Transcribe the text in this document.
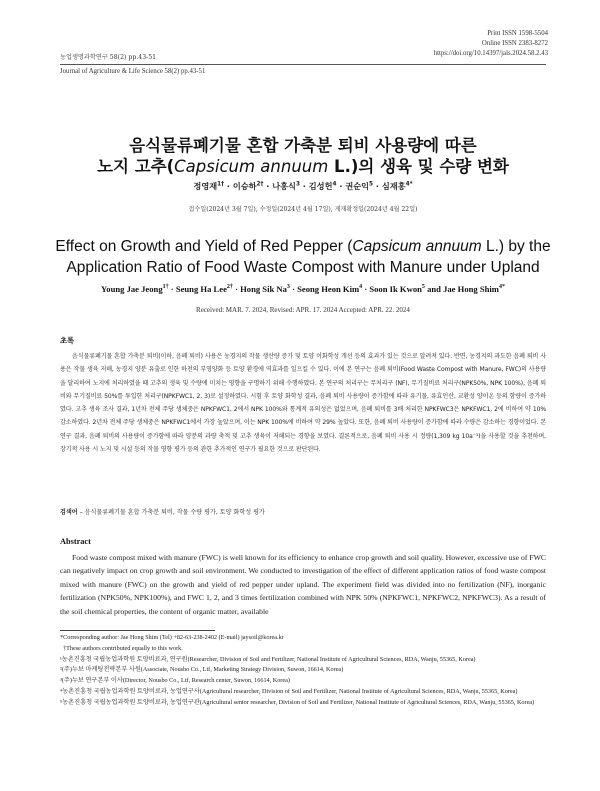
Print ISSN 1598-5504
Online ISSN 2383-8272
https://doi.org/10.14397/jals.2024.58.2.43
농업생명과학연구 58(2) pp.43-51
Journal of Agriculture & Life Science 58(2) pp.43-51
음식물류폐기물 혼합 가축분 퇴비 사용량에 따른
노지 고추(Capsicum annuum L.)의 생육 및 수량 변화
정영재$^{1\dagger}$ · 이승하$^{2\dagger}$ · 나홍식$^3$ · 김성헌$^4$ · 권순익$^5$ · 심재홍$^{4*}$
접수일(2024년 3월 7일), 수정일(2024년 4월 17일), 게재확정일(2024년 4월 22일)
Effect on Growth and Yield of Red Pepper (Capsicum annuum L.) by the
Application Ratio of Food Waste Compost with Manure under Upland
Young Jae Jeong$^{1\dagger}$ · Seung Ha Lee$^{2\dagger}$ · Hong Sik $Na^3$ · Seong Heon Kim$^4$ · Soon Ik Kwon$^5$ and Jae Hong Shim$^{4*}$
Received: MAR. 7. 2024, Revised: APR. 17. 2024 Accepted: APR. 22. 2024
초록
음식물류폐기물 혼합 가축분 퇴비(이하, 음폐 퇴비) 사용은 농경지의 작물 생산량 증가 및 토양 이화학성 개선 등의 효과가 있는 것으로 알려져 있다. 반면, 농경지의 과도한 음폐 퇴비 사용은 작물 생육 저해, 농경지 양분 유출로 인한 하천의 부영양화 등 토양 환경에 역효과를 일으킬 수 있다. 이에 본 연구는 음폐 퇴비(Food Waste Compost with Manure, FWC)의 사용량을 달리하여 노지에 처리하였을 때 고추의 생육 및 수량에 미치는 영향을 구명하기 위해 수행하였다. 본 연구의 처리구는 무처리구 (NF), 무기질비료 처리구(NPK50%, NPK 100%), 음폐 퇴비와 무기질비료 50%를 투입한 처리구(NPKFWC1, 2, 3)로 설정하였다. 시험 후 토양 화학성 결과, 음폐 퇴비 사용량이 증가함에 따라 유기물, 유효인산, 교환성 양이온 등의 함량이 증가하였다. 고추 생육 조사 결과, 1년차 전체 주당 생체중은 NPKFWC1, 2에서 NPK 100%와 통계적 유의성은 없었으며, 음폐 퇴비를 3배 처리한 NPKFWC3은 NPKFWC1, 2에 비하여 약 10% 감소하였다. 2년차 전체 주당 생체중은 NPKFWC1에서 가장 높았으며, 이는 NPK 100%에 비하여 약 29% 높았다. 또한, 음폐 퇴비 사용량이 증가함에 따라 수량은 감소하는 경향이었다. 본 연구 결과, 음폐 퇴비의 사용량이 증가함에 따라 양분의 과량 축적 및 고추 생육이 저해되는 경향을 보였다. 결론적으로, 음폐 퇴비 사용 시 정량(1,309 kg 10a⁻¹)을 사용할 것을 추천하며, 장기적 사용 시 노지 및 시설 등의 작물 영향 평가 등의 관한 추가적인 연구가 필요한 것으로 판단된다.
검색어 – 음식물류폐기물 혼합 가축분 퇴비, 작물 수량 평가, 토양 화학성 평가
Abstract
Food waste compost mixed with manure (FWC) is well known for its efficiency to enhance crop growth and soil quality. However, excessive use of FWC can negatively impact on crop growth and soil environment. We conducted to investigation of the effect of different application ratios of food waste compost mixed with manure (FWC) on the growth and yield of red pepper under upland. The experiment field was divided into no fertilization (NF), inorganic fertilization (NPK50%, NPK100%), and FWC 1, 2, and 3 times fertilization combined with NPK 50% (NPKFWC1, NPKFWC2, NPKFWC3). As a result of the soil chemical properties, the content of organic matter, available

*Corresponding author: Jae Hong Shim (Tel) +82-63-238-2402 (E-mail) jaysoil@korea.kr

†These authors contributed equally to this work.

¹농촌진흥청 국립농업과학원 토양비료과, 연구원(Researcher, Division of Soil and Fertilizer, National Institute of Agricultural Sciences, RDA, Wanju, 55365, Korea)

²(주)누보 마케팅전략본부 사원(Associate, Nousbo Co., Ltf, Marketing Strategy Division, Suwon, 16614, Korea)

³(주)누보 연구본부 이사(Director, Nousbo Co., Ltf, Research center, Suwon, 16614, Korea)

⁴농촌진흥청 국립농업과학원 토양비료과, 농업연구사(Agricultural researcher, Division of Soil and Fertilizer, National Institute of Agricultural Sciences, RDA, Wanju, 55365, Korea)

⁵농촌진흥청 국립농업과학원 토양비료과, 농업연구관(Agricultural senior researcher, Division of Soil and Fertilizer, National Institute of Agricultural Sciences, RDA, Wanju, 55365, Korea)
